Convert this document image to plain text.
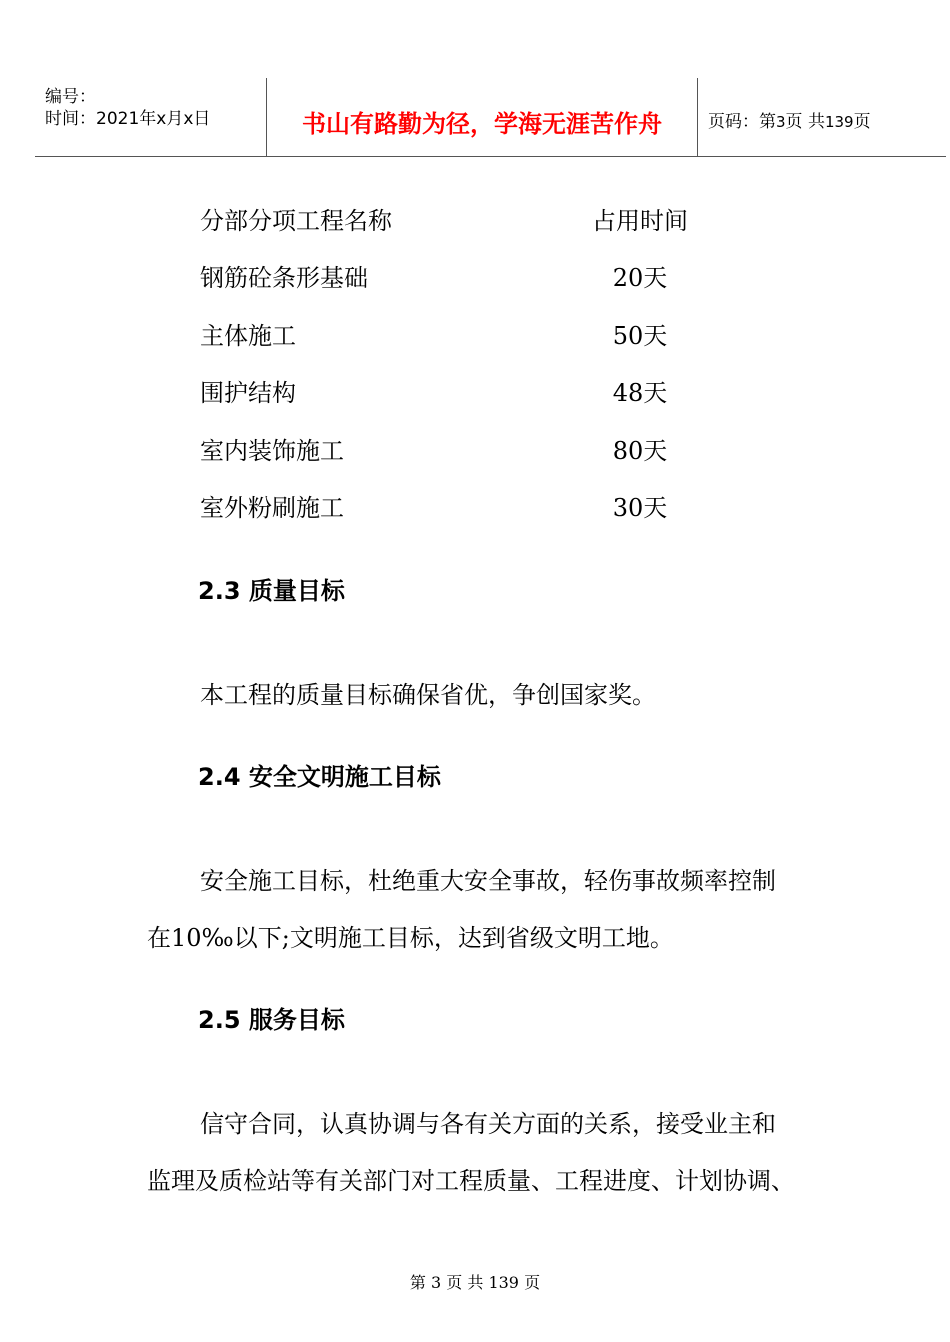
编号：
时间：2021年x月x日	书山有路勤为径，学海无涯苦作舟	页码：第3页 共139页
分部分项工程名称	占用时间
钢筋砼条形基础	20天
主体施工	50天
围护结构	48天
室内装饰施工	80天
室外粉刷施工	30天
2.3 质量目标
本工程的质量目标确保省优，争创国家奖。
2.4 安全文明施工目标
安全施工目标，杜绝重大安全事故，轻伤事故频率控制
在10‰以下;文明施工目标，达到省级文明工地。
2.5 服务目标
信守合同，认真协调与各有关方面的关系，接受业主和
监理及质检站等有关部门对工程质量、工程进度、计划协调、
第 3 页 共 139 页
